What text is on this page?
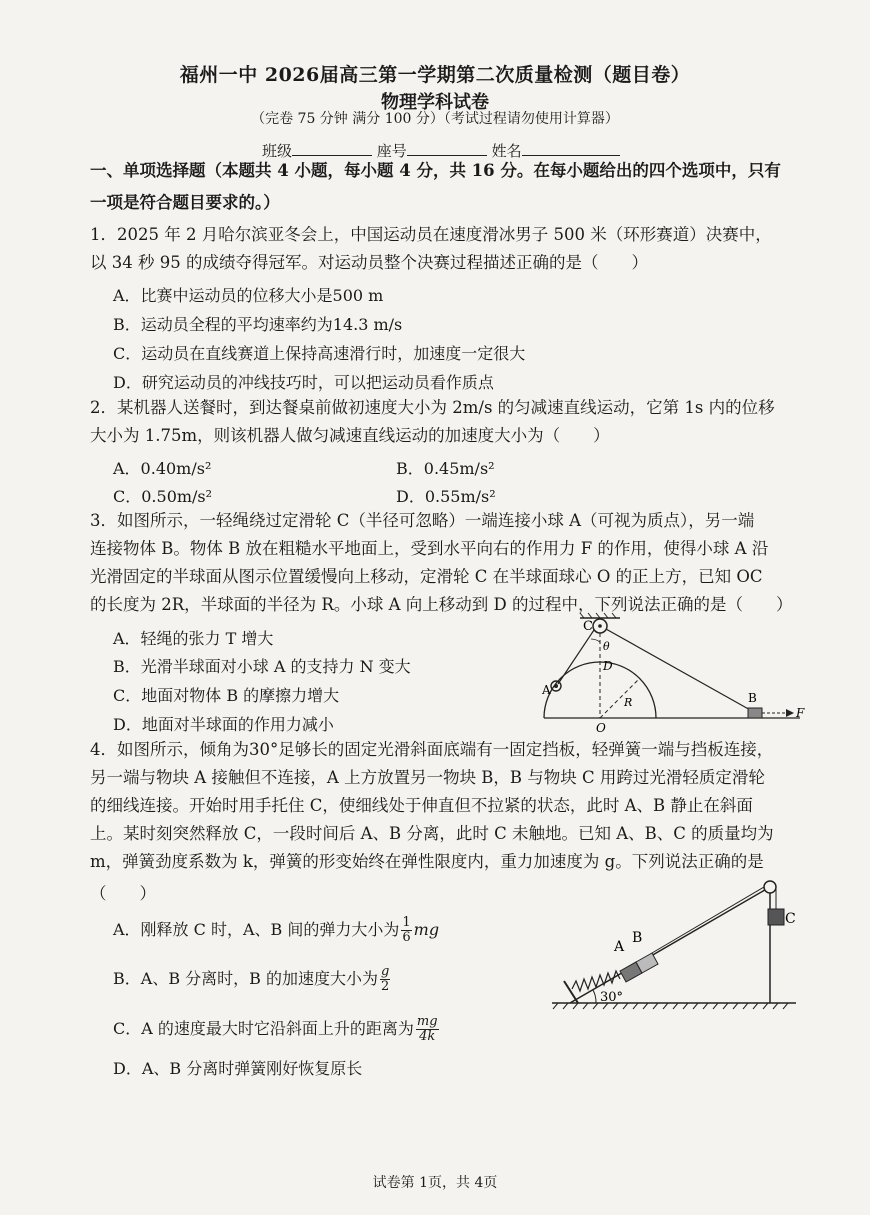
福州一中 2026届高三第一学期第二次质量检测（题目卷）
物理学科试卷
（完卷 75 分钟 满分 100 分）（考试过程请勿使用计算器）
班级	座号	姓名
一、单项选择题（本题共 4 小题，每小题 4 分，共 16 分。在每小题给出的四个选项中，只有
一项是符合题目要求的。）
1．2025 年 2 月哈尔滨亚冬会上，中国运动员在速度滑冰男子 500 米（环形赛道）决赛中，
以 34 秒 95 的成绩夺得冠军。对运动员整个决赛过程描述正确的是（　　）
A．比赛中运动员的位移大小是500 m
B．运动员全程的平均速率约为14.3 m/s
C．运动员在直线赛道上保持高速滑行时，加速度一定很大
D．研究运动员的冲线技巧时，可以把运动员看作质点
2．某机器人送餐时，到达餐桌前做初速度大小为 2m/s 的匀减速直线运动，它第 1s 内的位移
大小为 1.75m，则该机器人做匀减速直线运动的加速度大小为（　　）
A．0.40m/s²	B．0.45m/s²
C．0.50m/s²	D．0.55m/s²
3．如图所示，一轻绳绕过定滑轮 C（半径可忽略）一端连接小球 A（可视为质点），另一端
连接物体 B。物体 B 放在粗糙水平地面上，受到水平向右的作用力 F 的作用，使得小球 A 沿
光滑固定的半球面从图示位置缓慢向上移动，定滑轮 C 在半球面球心 O 的正上方，已知 OC
的长度为 2R，半球面的半径为 R。小球 A 向上移动到 D 的过程中，下列说法正确的是（　　）
A．轻绳的张力 T 增大
B．光滑半球面对小球 A 的支持力 N 变大
C．地面对物体 B 的摩擦力增大
D．地面对半球面的作用力减小
C
θ
D
A
B
F
O
R
4．如图所示，倾角为30°足够长的固定光滑斜面底端有一固定挡板，轻弹簧一端与挡板连接，
另一端与物块 A 接触但不连接，A 上方放置另一物块 B，B 与物块 C 用跨过光滑轻质定滑轮
的细线连接。开始时用手托住 C，使细线处于伸直但不拉紧的状态，此时 A、B 静止在斜面
上。某时刻突然释放 C，一段时间后 A、B 分离，此时 C 未触地。已知 A、B、C 的质量均为
m，弹簧劲度系数为 k，弹簧的形变始终在弹性限度内，重力加速度为 g。下列说法正确的是
（　　）
A．刚释放 C 时，A、B 间的弹力大小为 $\frac{1}{6}$ mg
B．A、B 分离时，B 的加速度大小为 $\frac{g}{2}$
C．A 的速度最大时它沿斜面上升的距离为 $\frac{mg}{4k}$
D．A、B 分离时弹簧刚好恢复原长
A
B
C
30°
试卷第 1页，共 4页
